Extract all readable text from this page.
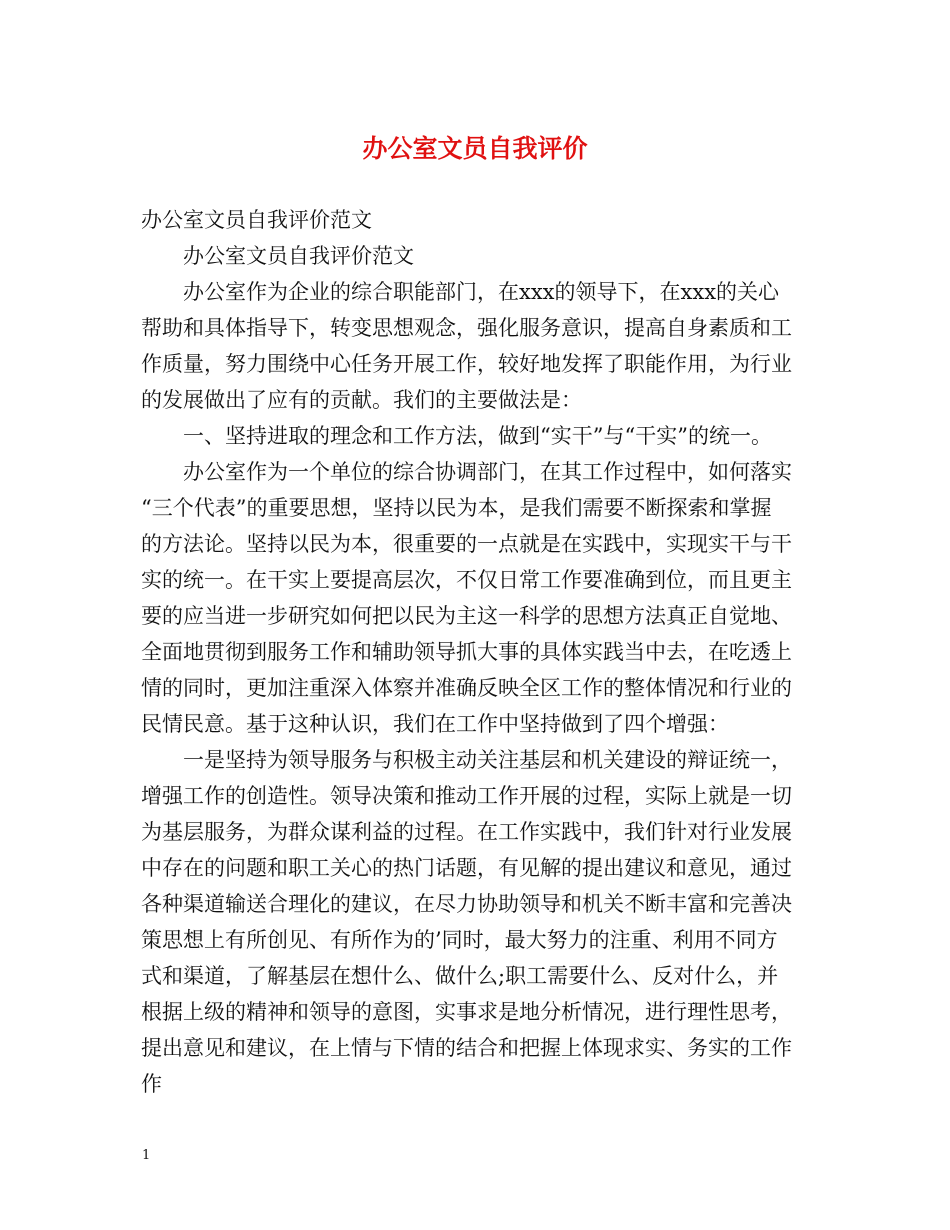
办公室文员自我评价
办公室文员自我评价范文
办公室文员自我评价范文
办公室作为企业的综合职能部门，在xxx的领导下，在xxx的关心
帮助和具体指导下，转变思想观念，强化服务意识，提高自身素质和工
作质量，努力围绕中心任务开展工作，较好地发挥了职能作用，为行业
的发展做出了应有的贡献。我们的主要做法是：
一、坚持进取的理念和工作方法，做到“实干”与“干实”的统一。
办公室作为一个单位的综合协调部门，在其工作过程中，如何落实
“三个代表”的重要思想，坚持以民为本，是我们需要不断探索和掌握
的方法论。坚持以民为本，很重要的一点就是在实践中，实现实干与干
实的统一。在干实上要提高层次，不仅日常工作要准确到位，而且更主
要的应当进一步研究如何把以民为主这一科学的思想方法真正自觉地、
全面地贯彻到服务工作和辅助领导抓大事的具体实践当中去，在吃透上
情的同时，更加注重深入体察并准确反映全区工作的整体情况和行业的
民情民意。基于这种认识，我们在工作中坚持做到了四个增强：
一是坚持为领导服务与积极主动关注基层和机关建设的辩证统一，
增强工作的创造性。领导决策和推动工作开展的过程，实际上就是一切
为基层服务，为群众谋利益的过程。在工作实践中，我们针对行业发展
中存在的问题和职工关心的热门话题，有见解的提出建议和意见，通过
各种渠道输送合理化的建议，在尽力协助领导和机关不断丰富和完善决
策思想上有所创见、有所作为的’同时，最大努力的注重、利用不同方
式和渠道，了解基层在想什么、做什么;职工需要什么、反对什么，并
根据上级的精神和领导的意图，实事求是地分析情况，进行理性思考，
提出意见和建议，在上情与下情的结合和把握上体现求实、务实的工作
作
1
